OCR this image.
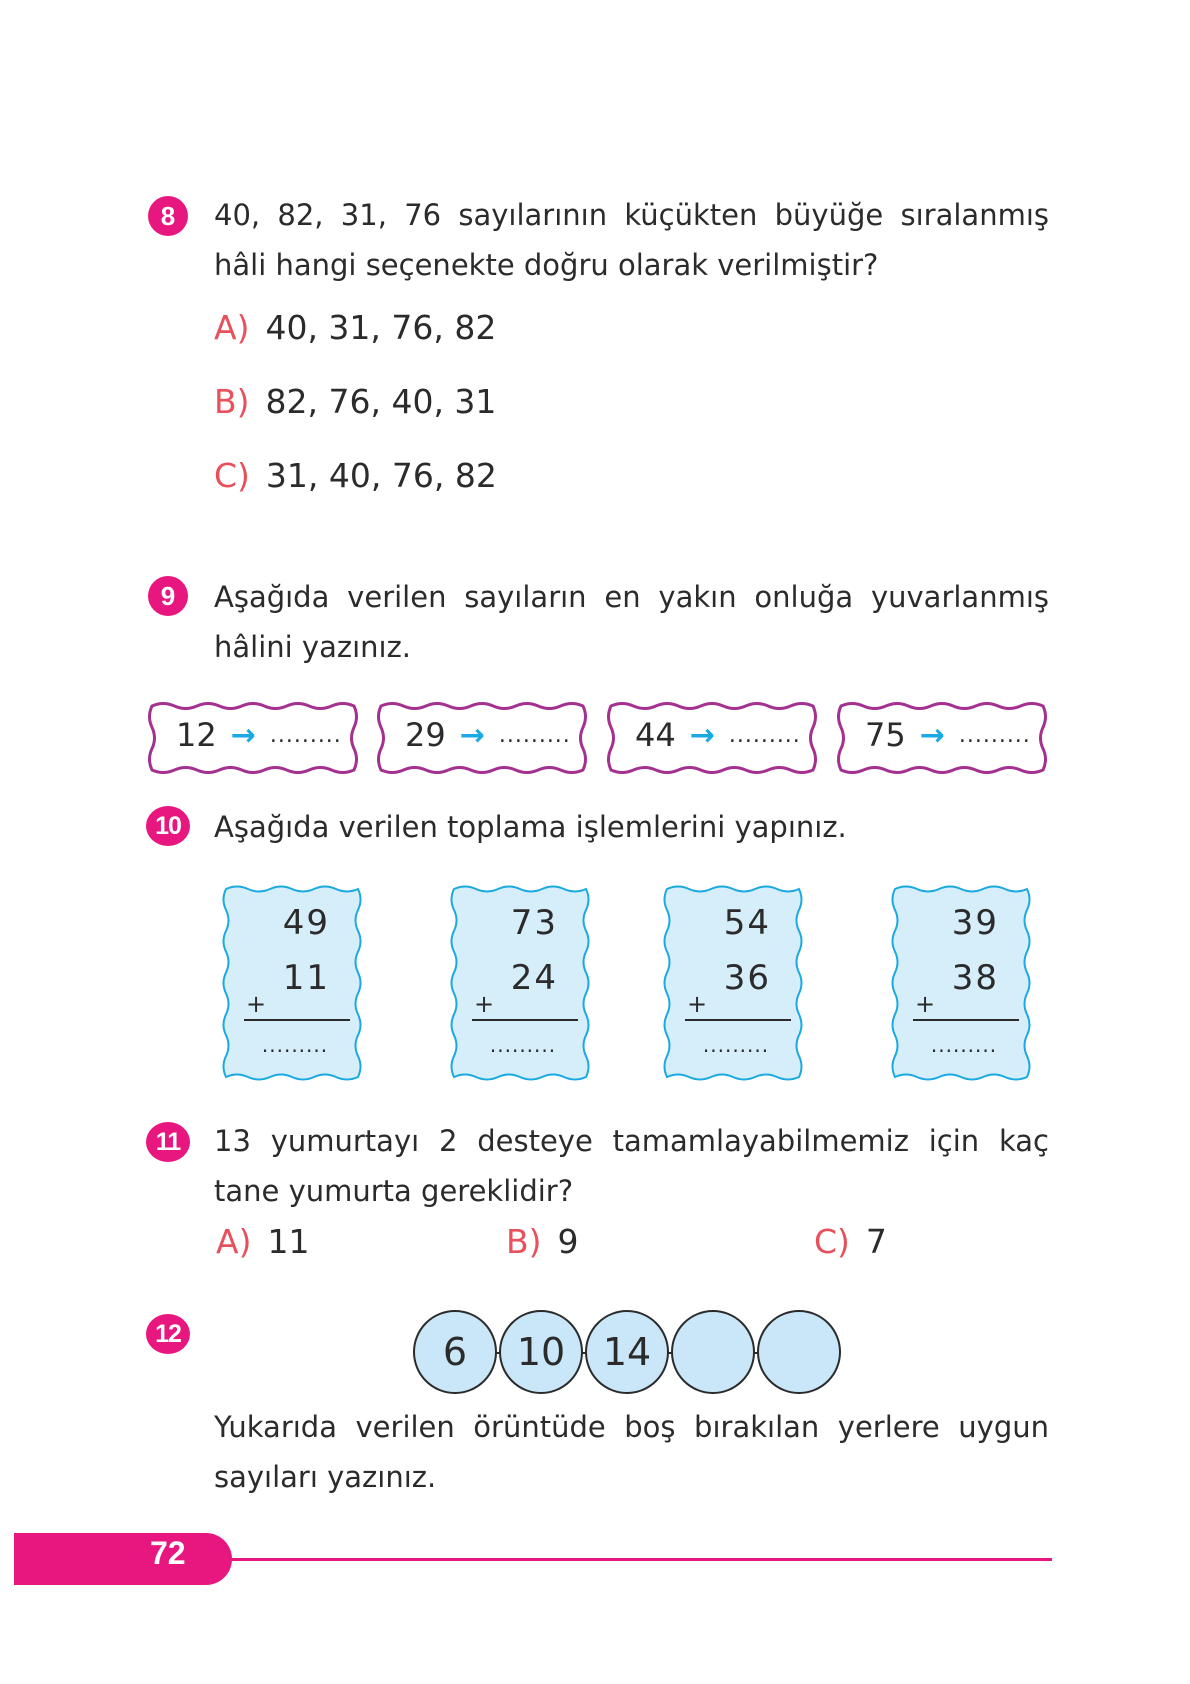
8 40, 82, 31, 76 sayılarının küçükten büyüğe sıralanmış hâli hangi seçenekte doğru olarak verilmiştir?
A) 40, 31, 76, 82
B) 82, 76, 40, 31
C) 31, 40, 76, 82
9 Aşağıda verilen sayıların en yakın onluğa yuvarlanmış hâlini yazınız.
12 → ......... 29 → ......... 44 → ......... 75 → .........
10 Aşağıda verilen toplama işlemlerini yapınız.
49
11
+
.........
73
24
+
.........
54
36
+
.........
39
38
+
.........
11 13 yumurtayı 2 desteye tamamlayabilmemiz için kaç tane yumurta gereklidir?
A) 11	B) 9	C) 7
12	6	10 14
Yukarıda verilen örüntüde boş bırakılan yerlere uygun sayıları yazınız.
72
